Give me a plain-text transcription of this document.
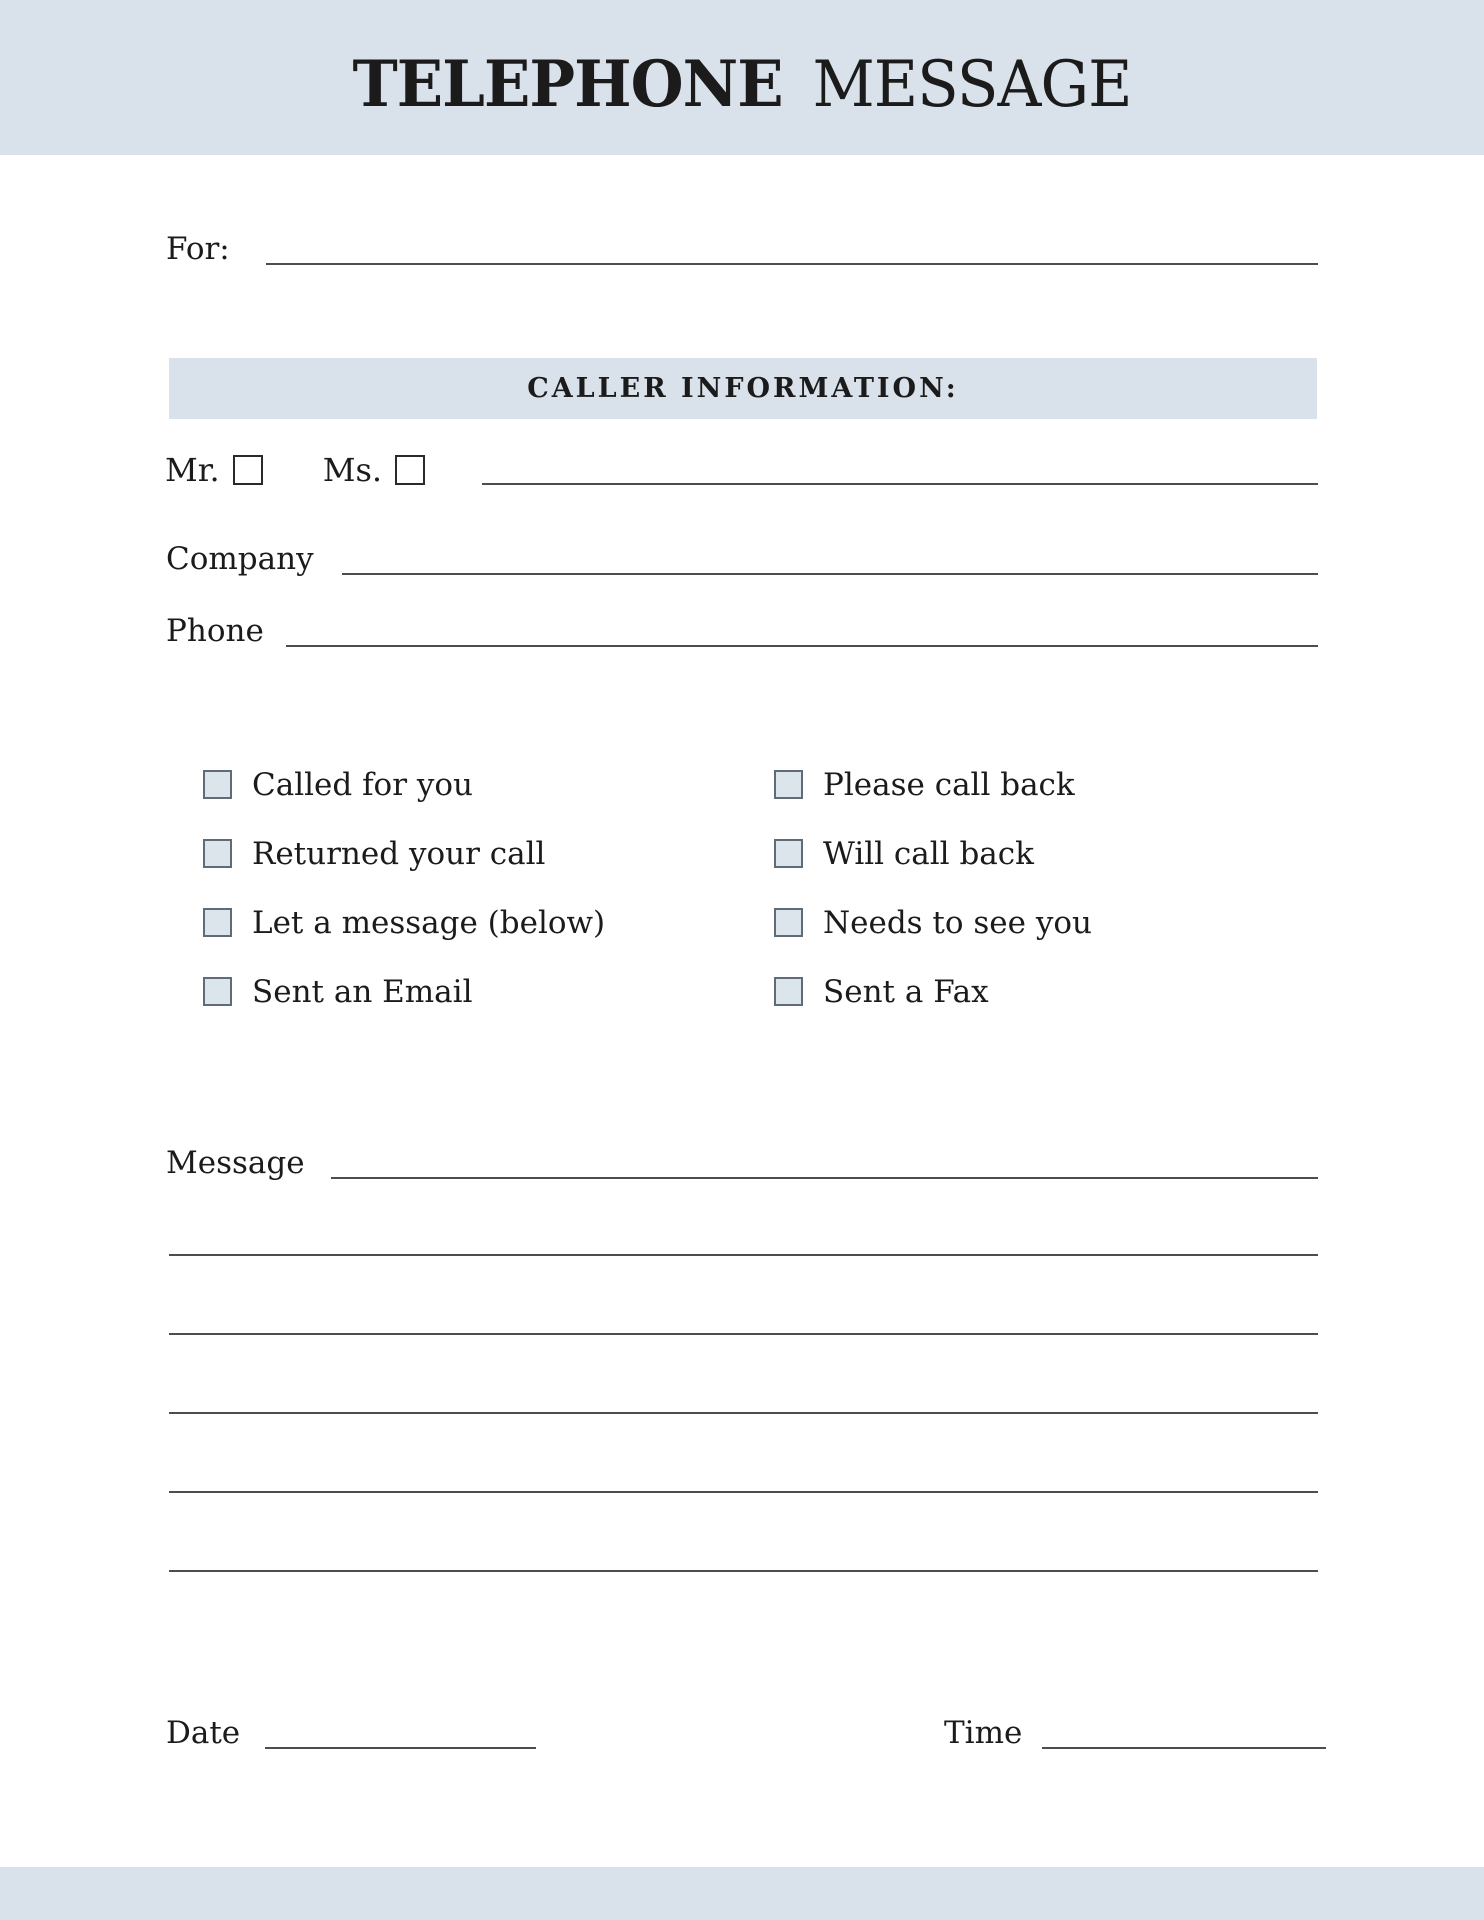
TELEPHONE MESSAGE
For:
CALLER INFORMATION:
Mr.	Ms.
Company
Phone
Called for you	Please call back
Returned your call	Will call back
Let a message (below)	Needs to see you
Sent an Email	Sent a Fax
Message
Date	Time
